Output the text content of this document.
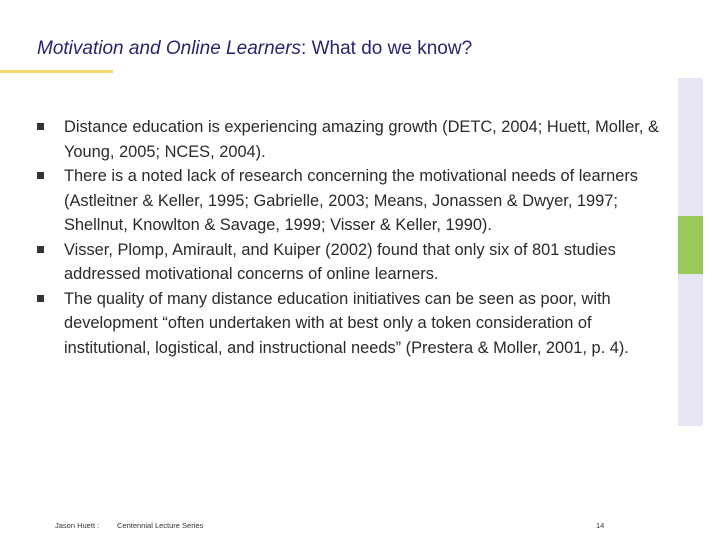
Motivation and Online Learners: What do we know?
Distance education is experiencing amazing growth (DETC, 2004; Huett, Moller, & Young, 2005; NCES, 2004).
There is a noted lack of research concerning the motivational needs of learners (Astleitner & Keller, 1995; Gabrielle, 2003; Means, Jonassen & Dwyer, 1997; Shellnut, Knowlton & Savage, 1999; Visser & Keller, 1990).
Visser, Plomp, Amirault, and Kuiper (2002) found that only six of 801 studies addressed motivational concerns of online learners.
The quality of many distance education initiatives can be seen as poor, with development “often undertaken with at best only a token consideration of institutional, logistical, and instructional needs” (Prestera & Moller, 2001, p. 4).
Jason Huett : Centennial Lecture Series	14
